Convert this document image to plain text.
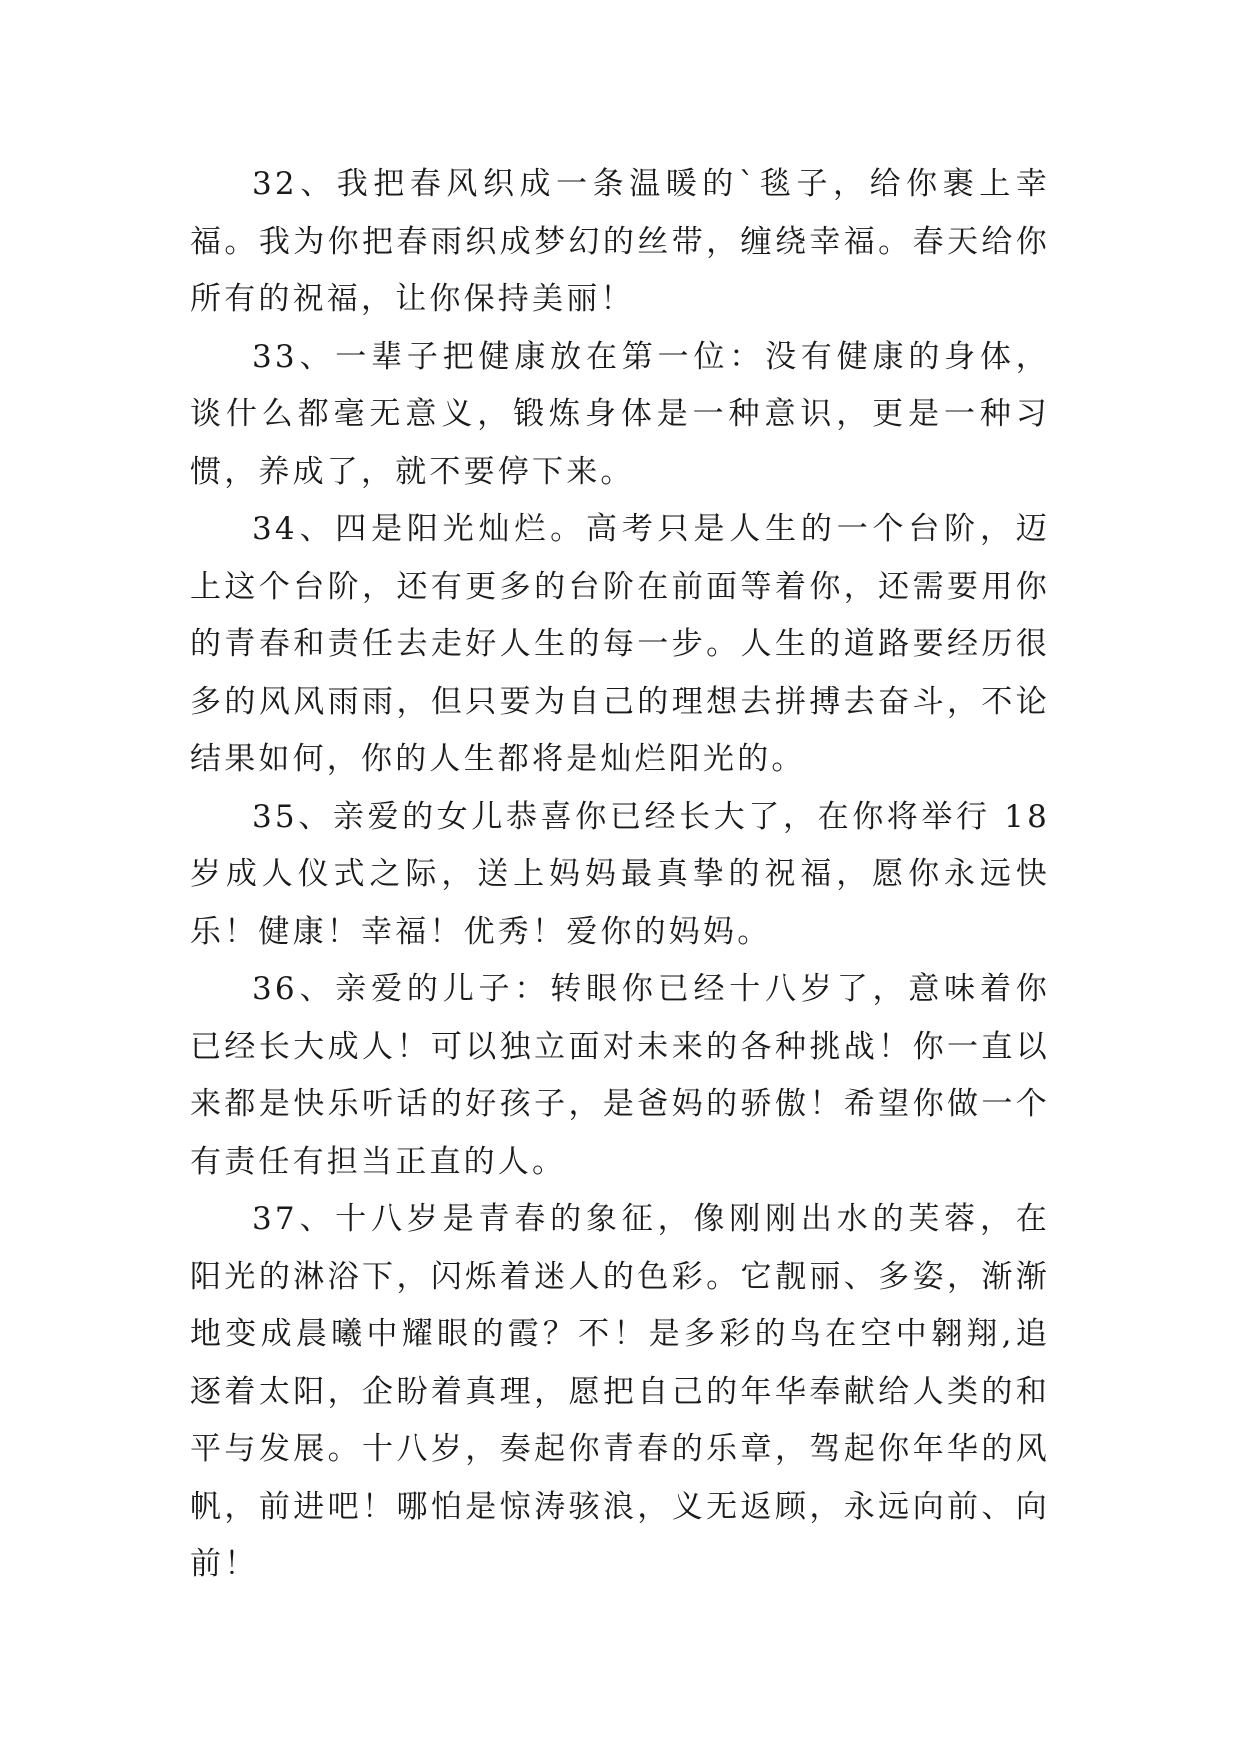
32、我把春风织成一条温暖的`毯子，给你裹上幸福。我为你把春雨织成梦幻的丝带，缠绕幸福。春天给你所有的祝福，让你保持美丽！

33、一辈子把健康放在第一位：没有健康的身体，谈什么都毫无意义，锻炼身体是一种意识，更是一种习惯，养成了，就不要停下来。

34、四是阳光灿烂。高考只是人生的一个台阶，迈上这个台阶，还有更多的台阶在前面等着你，还需要用你的青春和责任去走好人生的每一步。人生的道路要经历很多的风风雨雨，但只要为自己的理想去拼搏去奋斗，不论结果如何，你的人生都将是灿烂阳光的。

35、亲爱的女儿恭喜你已经长大了，在你将举行 18 岁成人仪式之际，送上妈妈最真挚的祝福，愿你永远快乐！健康！幸福！优秀！爱你的妈妈。

36、亲爱的儿子：转眼你已经十八岁了，意味着你已经长大成人！可以独立面对未来的各种挑战！你一直以来都是快乐听话的好孩子，是爸妈的骄傲！希望你做一个有责任有担当正直的人。

37、十八岁是青春的象征，像刚刚出水的芙蓉，在阳光的淋浴下，闪烁着迷人的色彩。它靓丽、多姿，渐渐地变成晨曦中耀眼的霞？不！是多彩的鸟在空中翱翔,追逐着太阳，企盼着真理，愿把自己的年华奉献给人类的和平与发展。十八岁，奏起你青春的乐章，驾起你年华的风帆，前进吧！哪怕是惊涛骇浪，义无返顾，永远向前、向前！
